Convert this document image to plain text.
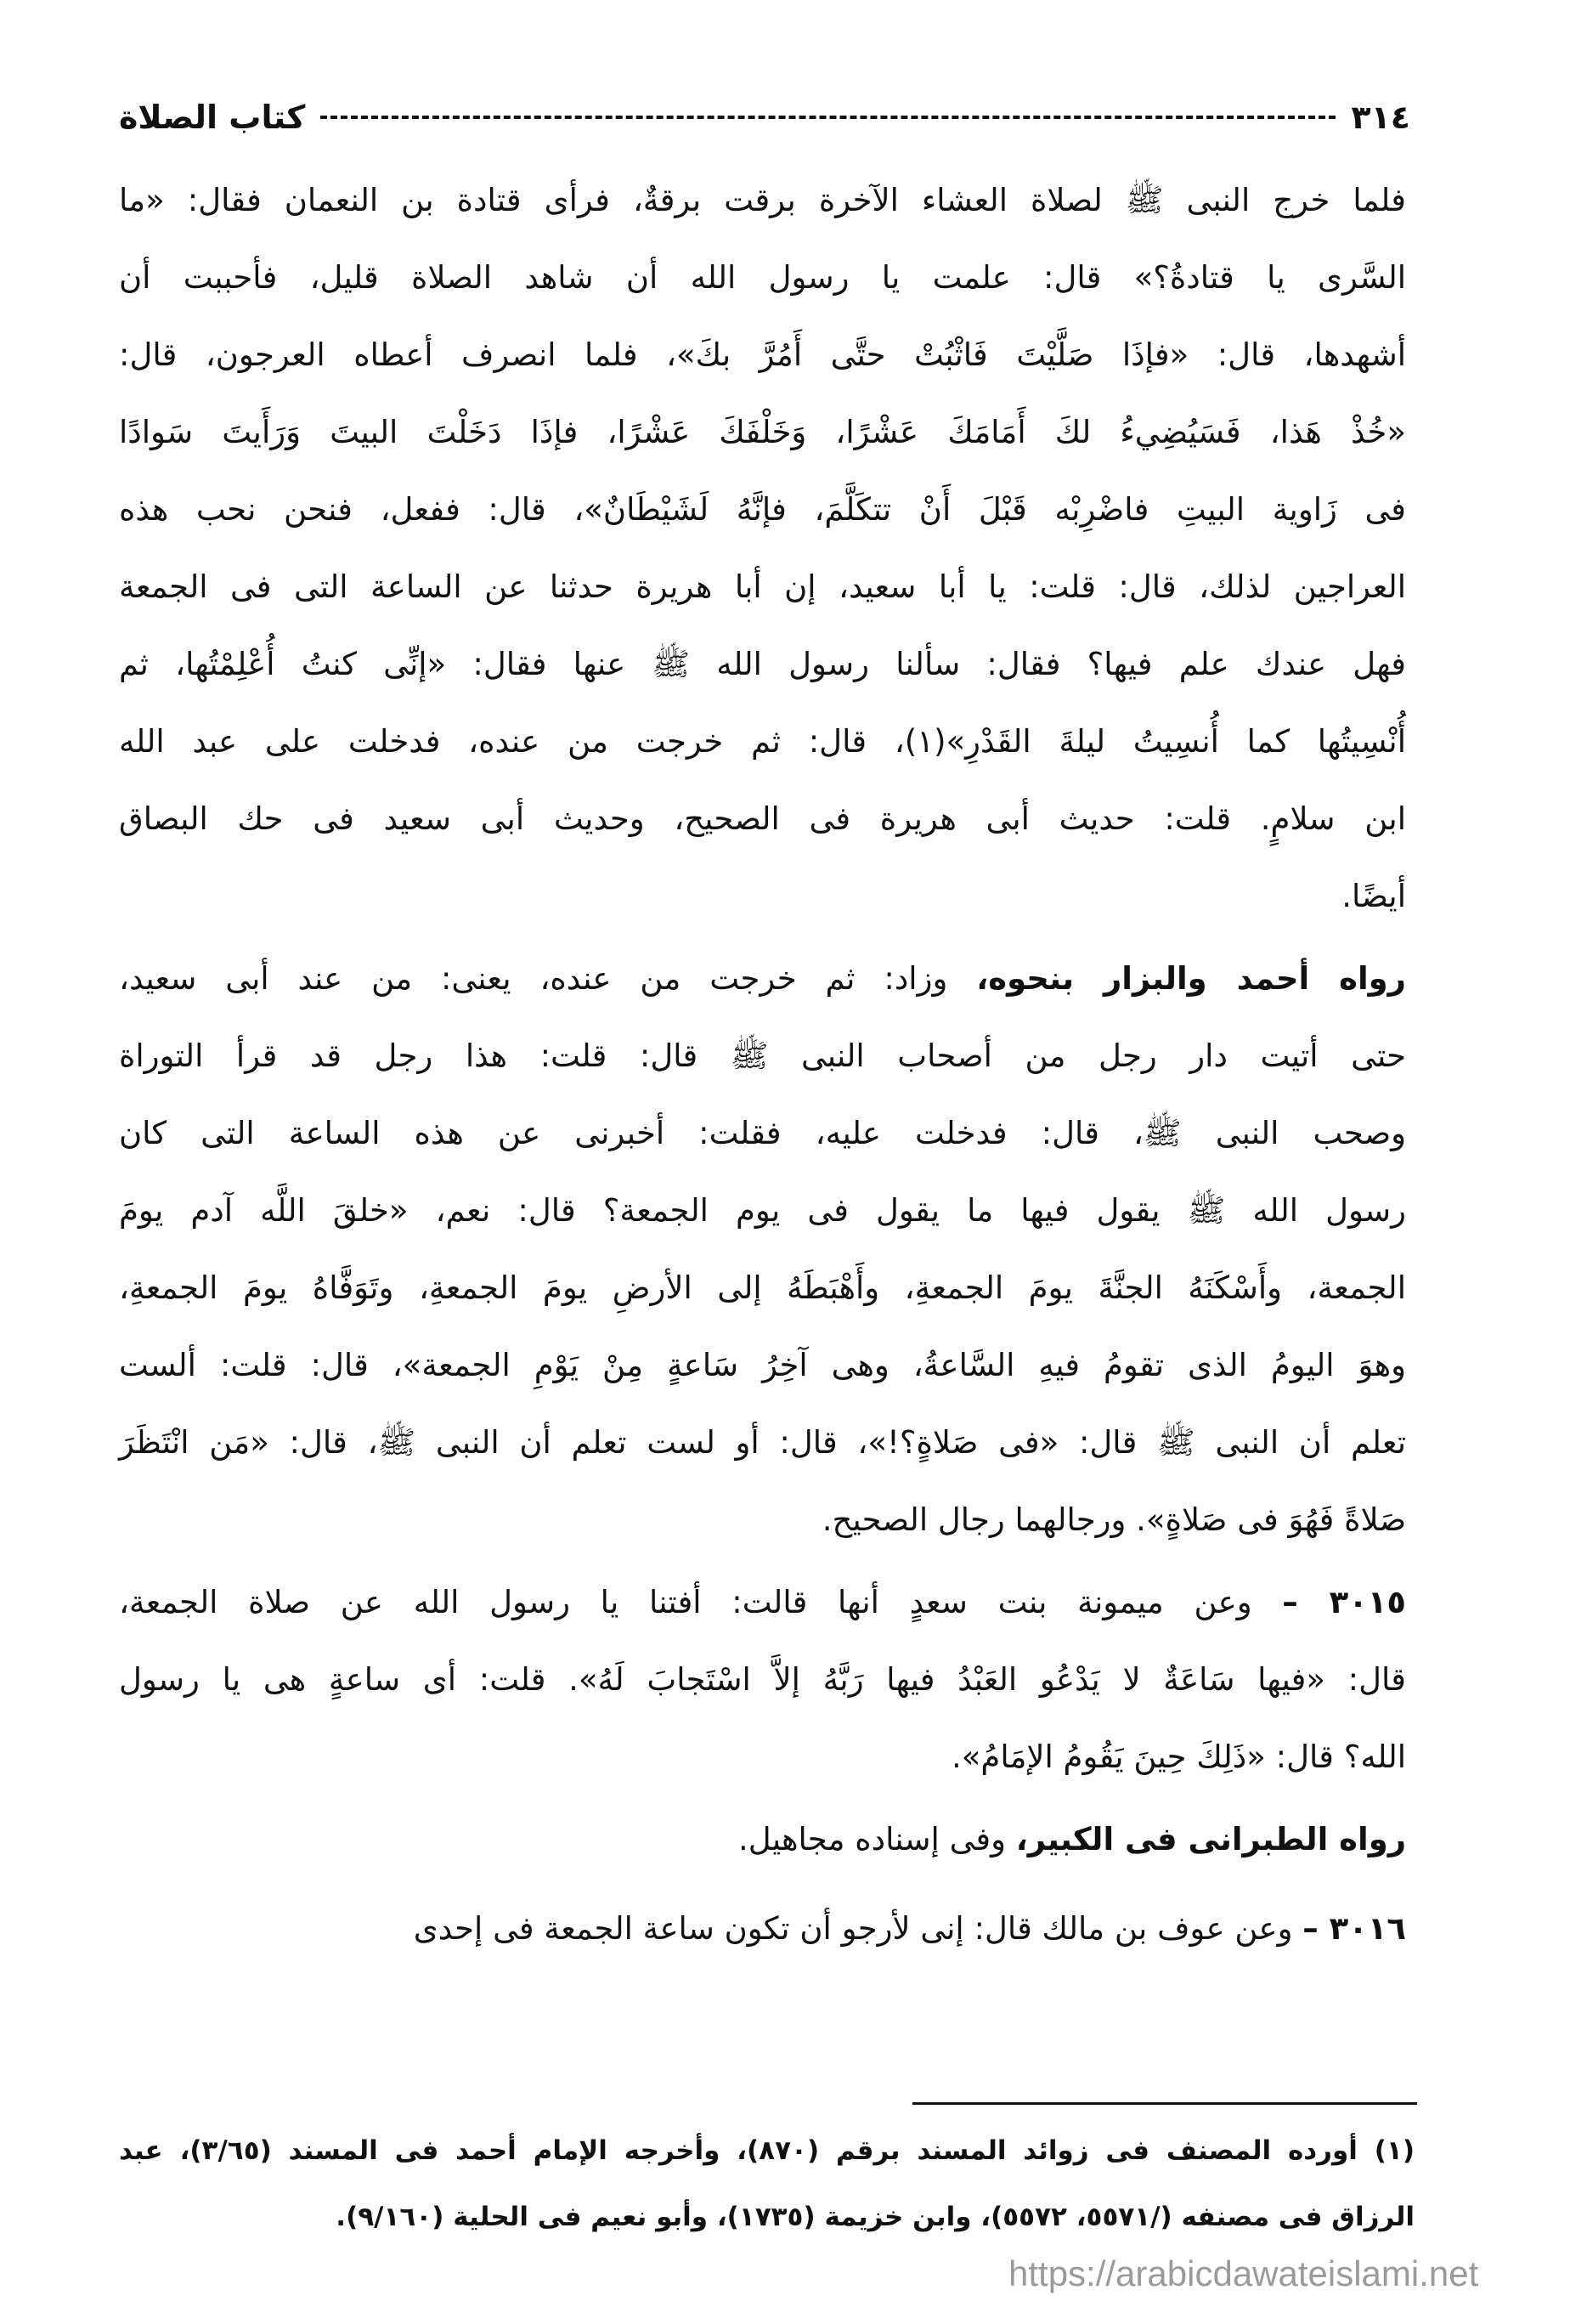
٣١٤
كتاب الصلاة
فلما خرج النبى ﷺ لصلاة العشاء الآخرة برقت برقةٌ، فرأى قتادة بن النعمان فقال: «ما
السَّرى يا قتادةُ؟» قال: علمت يا رسول الله أن شاهد الصلاة قليل، فأحببت أن
أشهدها، قال: «فإذَا صَلَّيْتَ فَاثْبُتْ حتَّى أَمُرَّ بكَ»، فلما انصرف أعطاه العرجون، قال:
«خُذْ هَذا، فَسَيُضِيءُ لكَ أَمَامَكَ عَشْرًا، وَخَلْفَكَ عَشْرًا، فإذَا دَخَلْتَ البيتَ وَرَأَيتَ سَوادًا
فى زَاوية البيتِ فاضْرِبْه قَبْلَ أَنْ تتكَلَّمَ، فإنَّهُ لَشَيْطَانٌ»، قال: ففعل، فنحن نحب هذه
العراجين لذلك، قال: قلت: يا أبا سعيد، إن أبا هريرة حدثنا عن الساعة التى فى الجمعة
فهل عندك علم فيها؟ فقال: سألنا رسول الله ﷺ عنها فقال: «إنِّى كنتُ أُعْلِمْتُها، ثم
أُنْسِيتُها كما أُنسِيتُ ليلةَ القَدْرِ»(١)، قال: ثم خرجت من عنده، فدخلت على عبد الله
ابن سلامٍ. قلت: حديث أبى هريرة فى الصحيح، وحديث أبى سعيد فى حك البصاق
أيضًا.
رواه أحمد والبزار بنحوه، وزاد: ثم خرجت من عنده، يعنى: من عند أبى سعيد،
حتى أتيت دار رجل من أصحاب النبى ﷺ قال: قلت: هذا رجل قد قرأ التوراة
وصحب النبى ﷺ، قال: فدخلت عليه، فقلت: أخبرنى عن هذه الساعة التى كان
رسول الله ﷺ يقول فيها ما يقول فى يوم الجمعة؟ قال: نعم، «خلقَ اللَّه آدم يومَ
الجمعة، وأَسْكَنَهُ الجنَّةَ يومَ الجمعةِ، وأَهْبَطَهُ إلى الأرضِ يومَ الجمعةِ، وتَوَفَّاهُ يومَ الجمعةِ،
وهوَ اليومُ الذى تقومُ فيهِ السَّاعةُ، وهى آخِرُ سَاعةٍ مِنْ يَوْمِ الجمعة»، قال: قلت: ألست
تعلم أن النبى ﷺ قال: «فى صَلاةٍ؟!»، قال: أو لست تعلم أن النبى ﷺ، قال: «مَن انْتَظَرَ
صَلاةً فَهُوَ فى صَلاةٍ». ورجالهما رجال الصحيح.
٣٠١٥ – وعن ميمونة بنت سعدٍ أنها قالت: أفتنا يا رسول الله عن صلاة الجمعة،
قال: «فيها سَاعَةٌ لا يَدْعُو العَبْدُ فيها رَبَّهُ إلاَّ اسْتَجابَ لَهُ». قلت: أى ساعةٍ هى يا رسول
الله؟ قال: «ذَلِكَ حِينَ يَقُومُ الإمَامُ».
رواه الطبرانى فى الكبير، وفى إسناده مجاهيل.
٣٠١٦ – وعن عوف بن مالك قال: إنى لأرجو أن تكون ساعة الجمعة فى إحدى
(١) أورده المصنف فى زوائد المسند برقم (٨٧٠)، وأخرجه الإمام أحمد فى المسند (٣/٦٥)، عبد
الرزاق فى مصنفه (/٥٥٧١، ٥٥٧٢)، وابن خزيمة (١٧٣٥)، وأبو نعيم فى الحلية (٩/١٦٠).
https://arabicdawateislami.net
